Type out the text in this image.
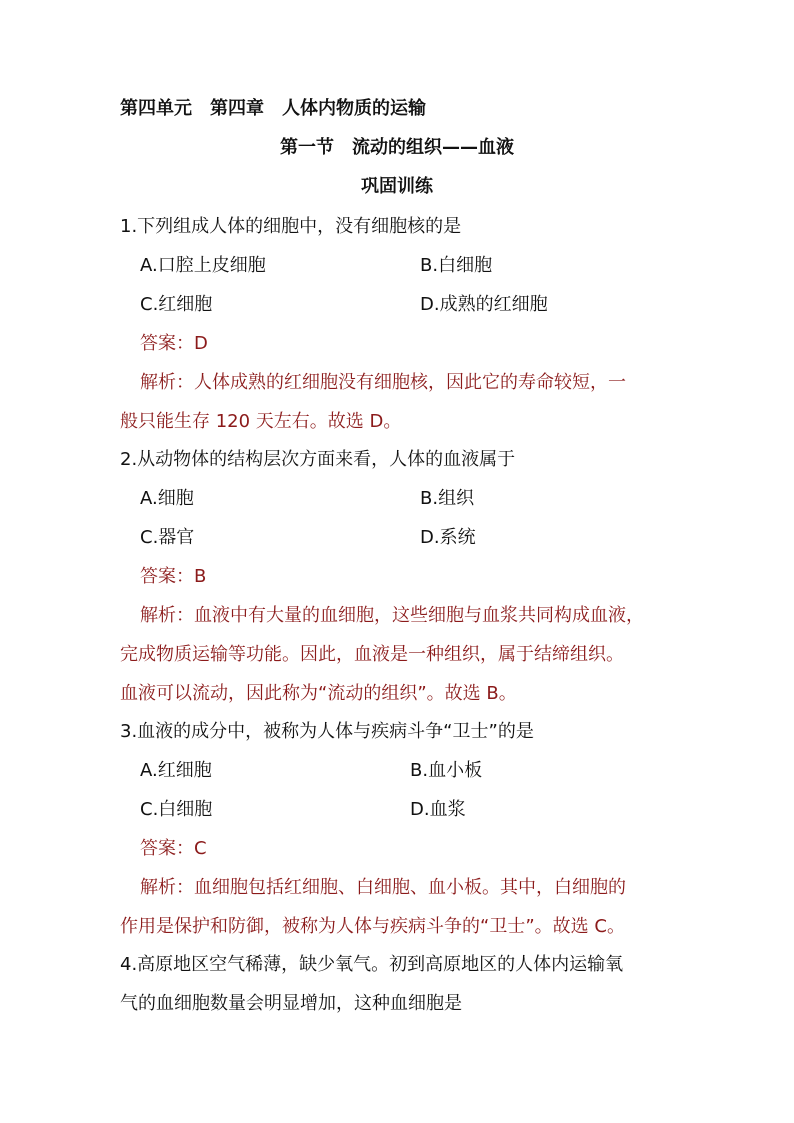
第四单元　第四章　人体内物质的运输
第一节　流动的组织——血液
巩固训练
1.下列组成人体的细胞中，没有细胞核的是
A.口腔上皮细胞	B.白细胞
C.红细胞	D.成熟的红细胞
答案：D
解析：人体成熟的红细胞没有细胞核，因此它的寿命较短，一
般只能生存 120 天左右。故选 D。
2.从动物体的结构层次方面来看，人体的血液属于
A.细胞	B.组织
C.器官	D.系统
答案：B
解析：血液中有大量的血细胞，这些细胞与血浆共同构成血液，
完成物质运输等功能。因此，血液是一种组织，属于结缔组织。
血液可以流动，因此称为“流动的组织”。故选 B。
3.血液的成分中，被称为人体与疾病斗争“卫士”的是
A.红细胞	B.血小板
C.白细胞	D.血浆
答案：C
解析：血细胞包括红细胞、白细胞、血小板。其中，白细胞的
作用是保护和防御，被称为人体与疾病斗争的“卫士”。故选 C。
4.高原地区空气稀薄，缺少氧气。初到高原地区的人体内运输氧
气的血细胞数量会明显增加，这种血细胞是
